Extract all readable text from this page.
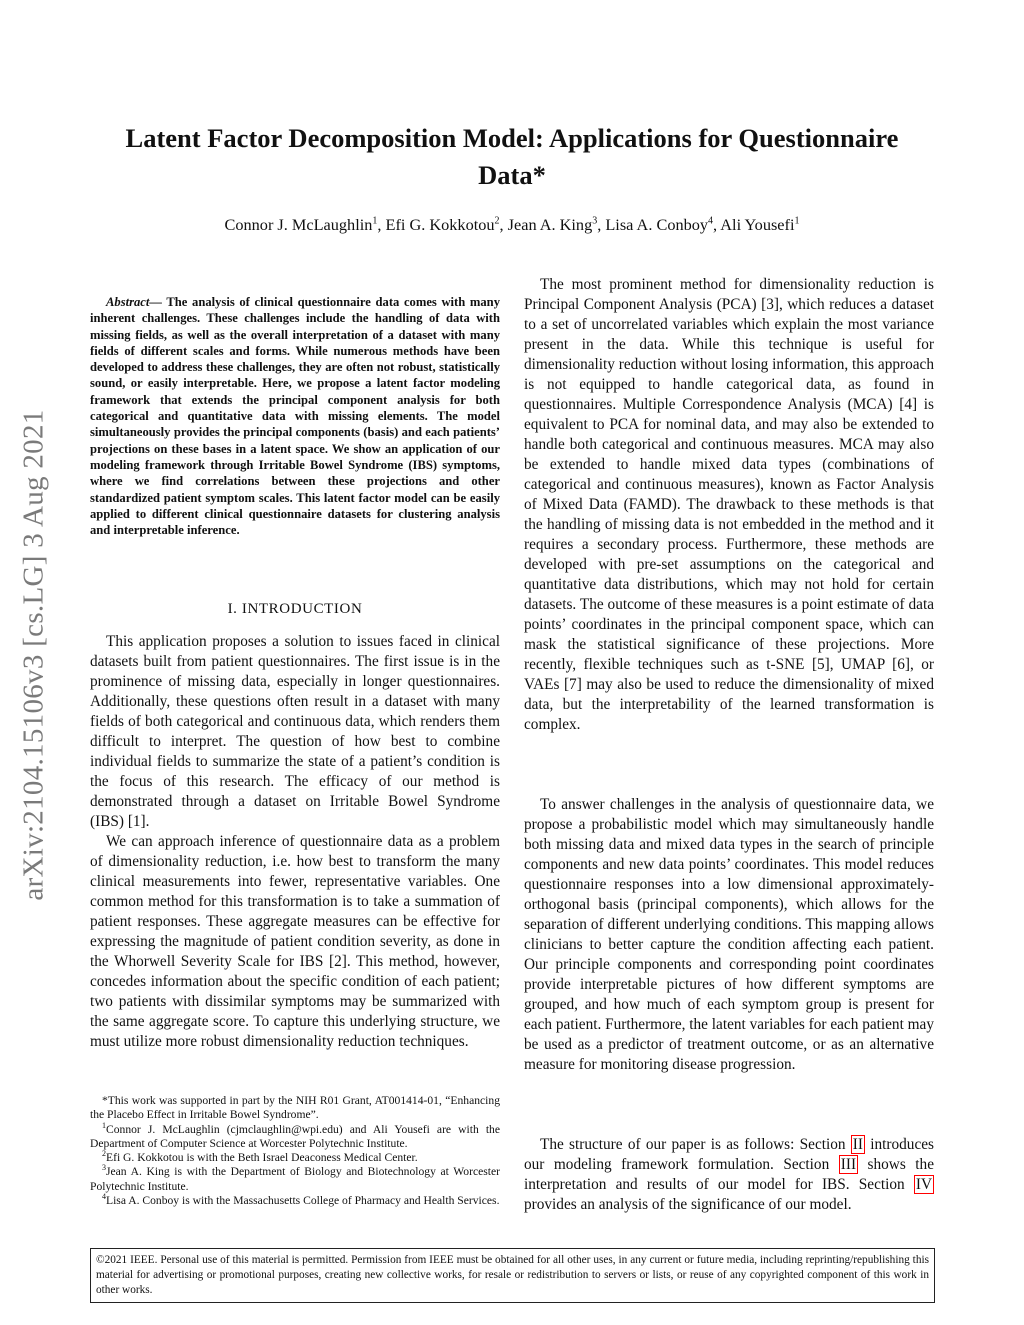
arXiv:2104.15106v3 [cs.LG] 3 Aug 2021
Latent Factor Decomposition Model: Applications for Questionnaire Data*

Connor J. McLaughlin$^1$, Efi G. Kokkotou$^2$, Jean A. King$^3$, Lisa A. Conboy$^4$, Ali Yousefi$^1$

Abstract— The analysis of clinical questionnaire data comes with many inherent challenges. These challenges include the handling of data with missing fields, as well as the overall interpretation of a dataset with many fields of different scales and forms. While numerous methods have been developed to address these challenges, they are often not robust, statistically sound, or easily interpretable. Here, we propose a latent factor modeling framework that extends the principal component analysis for both categorical and quantitative data with missing elements. The model simultaneously provides the principal components (basis) and each patients’ projections on these bases in a latent space. We show an application of our modeling framework through Irritable Bowel Syndrome (IBS) symptoms, where we find correlations between these projections and other standardized patient symptom scales. This latent factor model can be easily applied to different clinical questionnaire datasets for clustering analysis and interpretable inference.

I. INTRODUCTION

This application proposes a solution to issues faced in clinical datasets built from patient questionnaires. The first issue is in the prominence of missing data, especially in longer questionnaires. Additionally, these questions often result in a dataset with many fields of both categorical and continuous data, which renders them difficult to interpret. The question of how best to combine individual fields to summarize the state of a patient’s condition is the focus of this research. The efficacy of our method is demonstrated through a dataset on Irritable Bowel Syndrome (IBS) [1].

We can approach inference of questionnaire data as a problem of dimensionality reduction, i.e. how best to transform the many clinical measurements into fewer, representative variables. One common method for this transformation is to take a summation of patient responses. These aggregate measures can be effective for expressing the magnitude of patient condition severity, as done in the Whorwell Severity Scale for IBS [2]. This method, however, concedes information about the specific condition of each patient; two patients with dissimilar symptoms may be summarized with the same aggregate score. To capture this underlying structure, we must utilize more robust dimensionality reduction techniques.

*This work was supported in part by the NIH R01 Grant, AT001414-01, “Enhancing the Placebo Effect in Irritable Bowel Syndrome”.

$^1$Connor J. McLaughlin (cjmclaughlin@wpi.edu) and Ali Yousefi are with the Department of Computer Science at Worcester Polytechnic Institute.

$^2$Efi G. Kokkotou is with the Beth Israel Deaconess Medical Center.

$^3$Jean A. King is with the Department of Biology and Biotechnology at Worcester Polytechnic Institute.

$^4$Lisa A. Conboy is with the Massachusetts College of Pharmacy and Health Services.

The most prominent method for dimensionality reduction is Principal Component Analysis (PCA) [3], which reduces a dataset to a set of uncorrelated variables which explain the most variance present in the data. While this technique is useful for dimensionality reduction without losing information, this approach is not equipped to handle categorical data, as found in questionnaires. Multiple Correspondence Analysis (MCA) [4] is equivalent to PCA for nominal data, and may also be extended to handle both categorical and continuous measures. MCA may also be extended to handle mixed data types (combinations of categorical and continuous measures), known as Factor Analysis of Mixed Data (FAMD). The drawback to these methods is that the handling of missing data is not embedded in the method and it requires a secondary process. Furthermore, these methods are developed with pre-set assumptions on the categorical and quantitative data distributions, which may not hold for certain datasets. The outcome of these measures is a point estimate of data points’ coordinates in the principal component space, which can mask the statistical significance of these projections. More recently, flexible techniques such as t-SNE [5], UMAP [6], or VAEs [7] may also be used to reduce the dimensionality of mixed data, but the interpretability of the learned transformation is complex.

To answer challenges in the analysis of questionnaire data, we propose a probabilistic model which may simultaneously handle both missing data and mixed data types in the search of principle components and new data points’ coordinates. This model reduces questionnaire responses into a low dimensional approximately-orthogonal basis (principal components), which allows for the separation of different underlying conditions. This mapping allows clinicians to better capture the condition affecting each patient. Our principle components and corresponding point coordinates provide interpretable pictures of how different symptoms are grouped, and how much of each symptom group is present for each patient. Furthermore, the latent variables for each patient may be used as a predictor of treatment outcome, or as an alternative measure for monitoring disease progression.

The structure of our paper is as follows: Section II introduces our modeling framework formulation. Section III shows the interpretation and results of our model for IBS. Section IV provides an analysis of the significance of our model.

©2021 IEEE. Personal use of this material is permitted. Permission from IEEE must be obtained for all other uses, in any current or future media, including reprinting/republishing this material for advertising or promotional purposes, creating new collective works, for resale or redistribution to servers or lists, or reuse of any copyrighted component of this work in other works.
